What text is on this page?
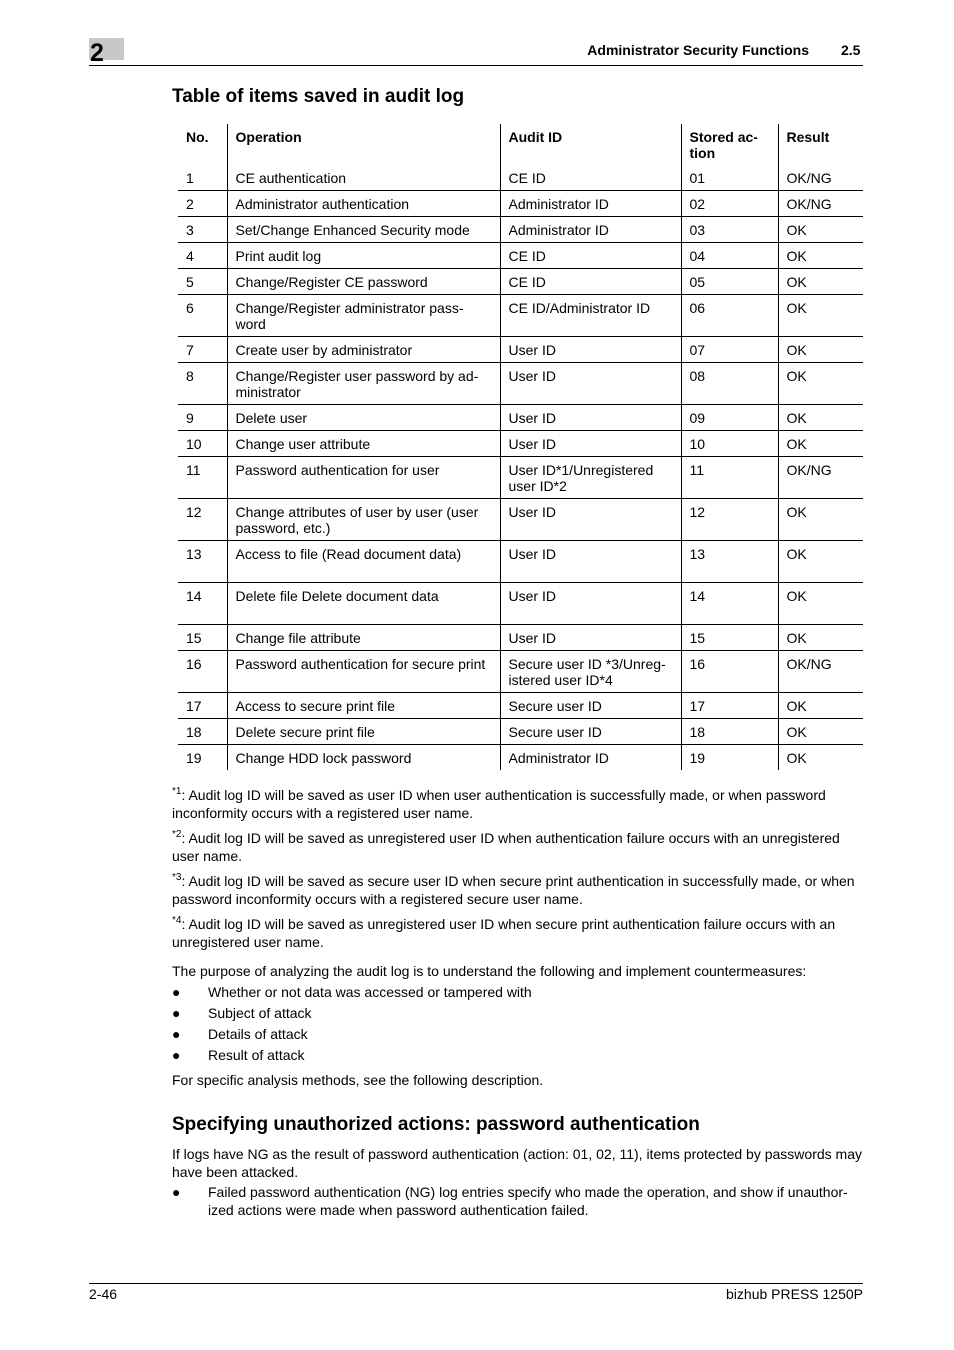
2	Administrator Security Functions 2.5
Table of items saved in audit log
No.	Operation	Audit ID	Stored ac- tion	Result
1	CE authentication	CE ID	01	OK/NG
2	Administrator authentication	Administrator ID	02	OK/NG
3	Set/Change Enhanced Security mode	Administrator ID	03	OK
4	Print audit log	CE ID	04	OK
5	Change/Register CE password	CE ID	05	OK
6	Change/Register administrator pass- word	CE ID/Administrator ID	06	OK
7	Create user by administrator	User ID	07	OK
8	Change/Register user password by ad- ministrator	User ID	08	OK
9	Delete user	User ID	09	OK
10	Change user attribute	User ID	10	OK
11	Password authentication for user	User ID*1/Unregistered user ID*2	11	OK/NG
12	Change attributes of user by user (user password, etc.)	User ID	12	OK
13	Access to file (Read document data)	User ID	13	OK
14	Delete file Delete document data	User ID	14	OK
15	Change file attribute	User ID	15	OK
16	Password authentication for secure print	Secure user ID *3/Unreg- istered user ID*4	16	OK/NG
17	Access to secure print file	Secure user ID	17	OK
18	Delete secure print file	Secure user ID	18	OK
19	Change HDD lock password	Administrator ID	19	OK

$^{*1}$: Audit log ID will be saved as user ID when user authentication is successfully made, or when password inconformity occurs with a registered user name.

$^{*2}$: Audit log ID will be saved as unregistered user ID when authentication failure occurs with an unregistered user name.

$^{*3}$: Audit log ID will be saved as secure user ID when secure print authentication in successfully made, or when password inconformity occurs with a registered secure user name.

$^{*4}$: Audit log ID will be saved as unregistered user ID when secure print authentication failure occurs with an unregistered user name.

The purpose of analyzing the audit log is to understand the following and implement countermeasures:

● Whether or not data was accessed or tampered with
● Subject of attack
● Details of attack
● Result of attack

For specific analysis methods, see the following description.

Specifying unauthorized actions: password authentication

If logs have NG as the result of password authentication (action: 01, 02, 11), items protected by passwords may have been attacked.

● Failed password authentication (NG) log entries specify who made the operation, and show if unauthor- ized actions were made when password authentication failed.
2-46	bizhub PRESS 1250P
